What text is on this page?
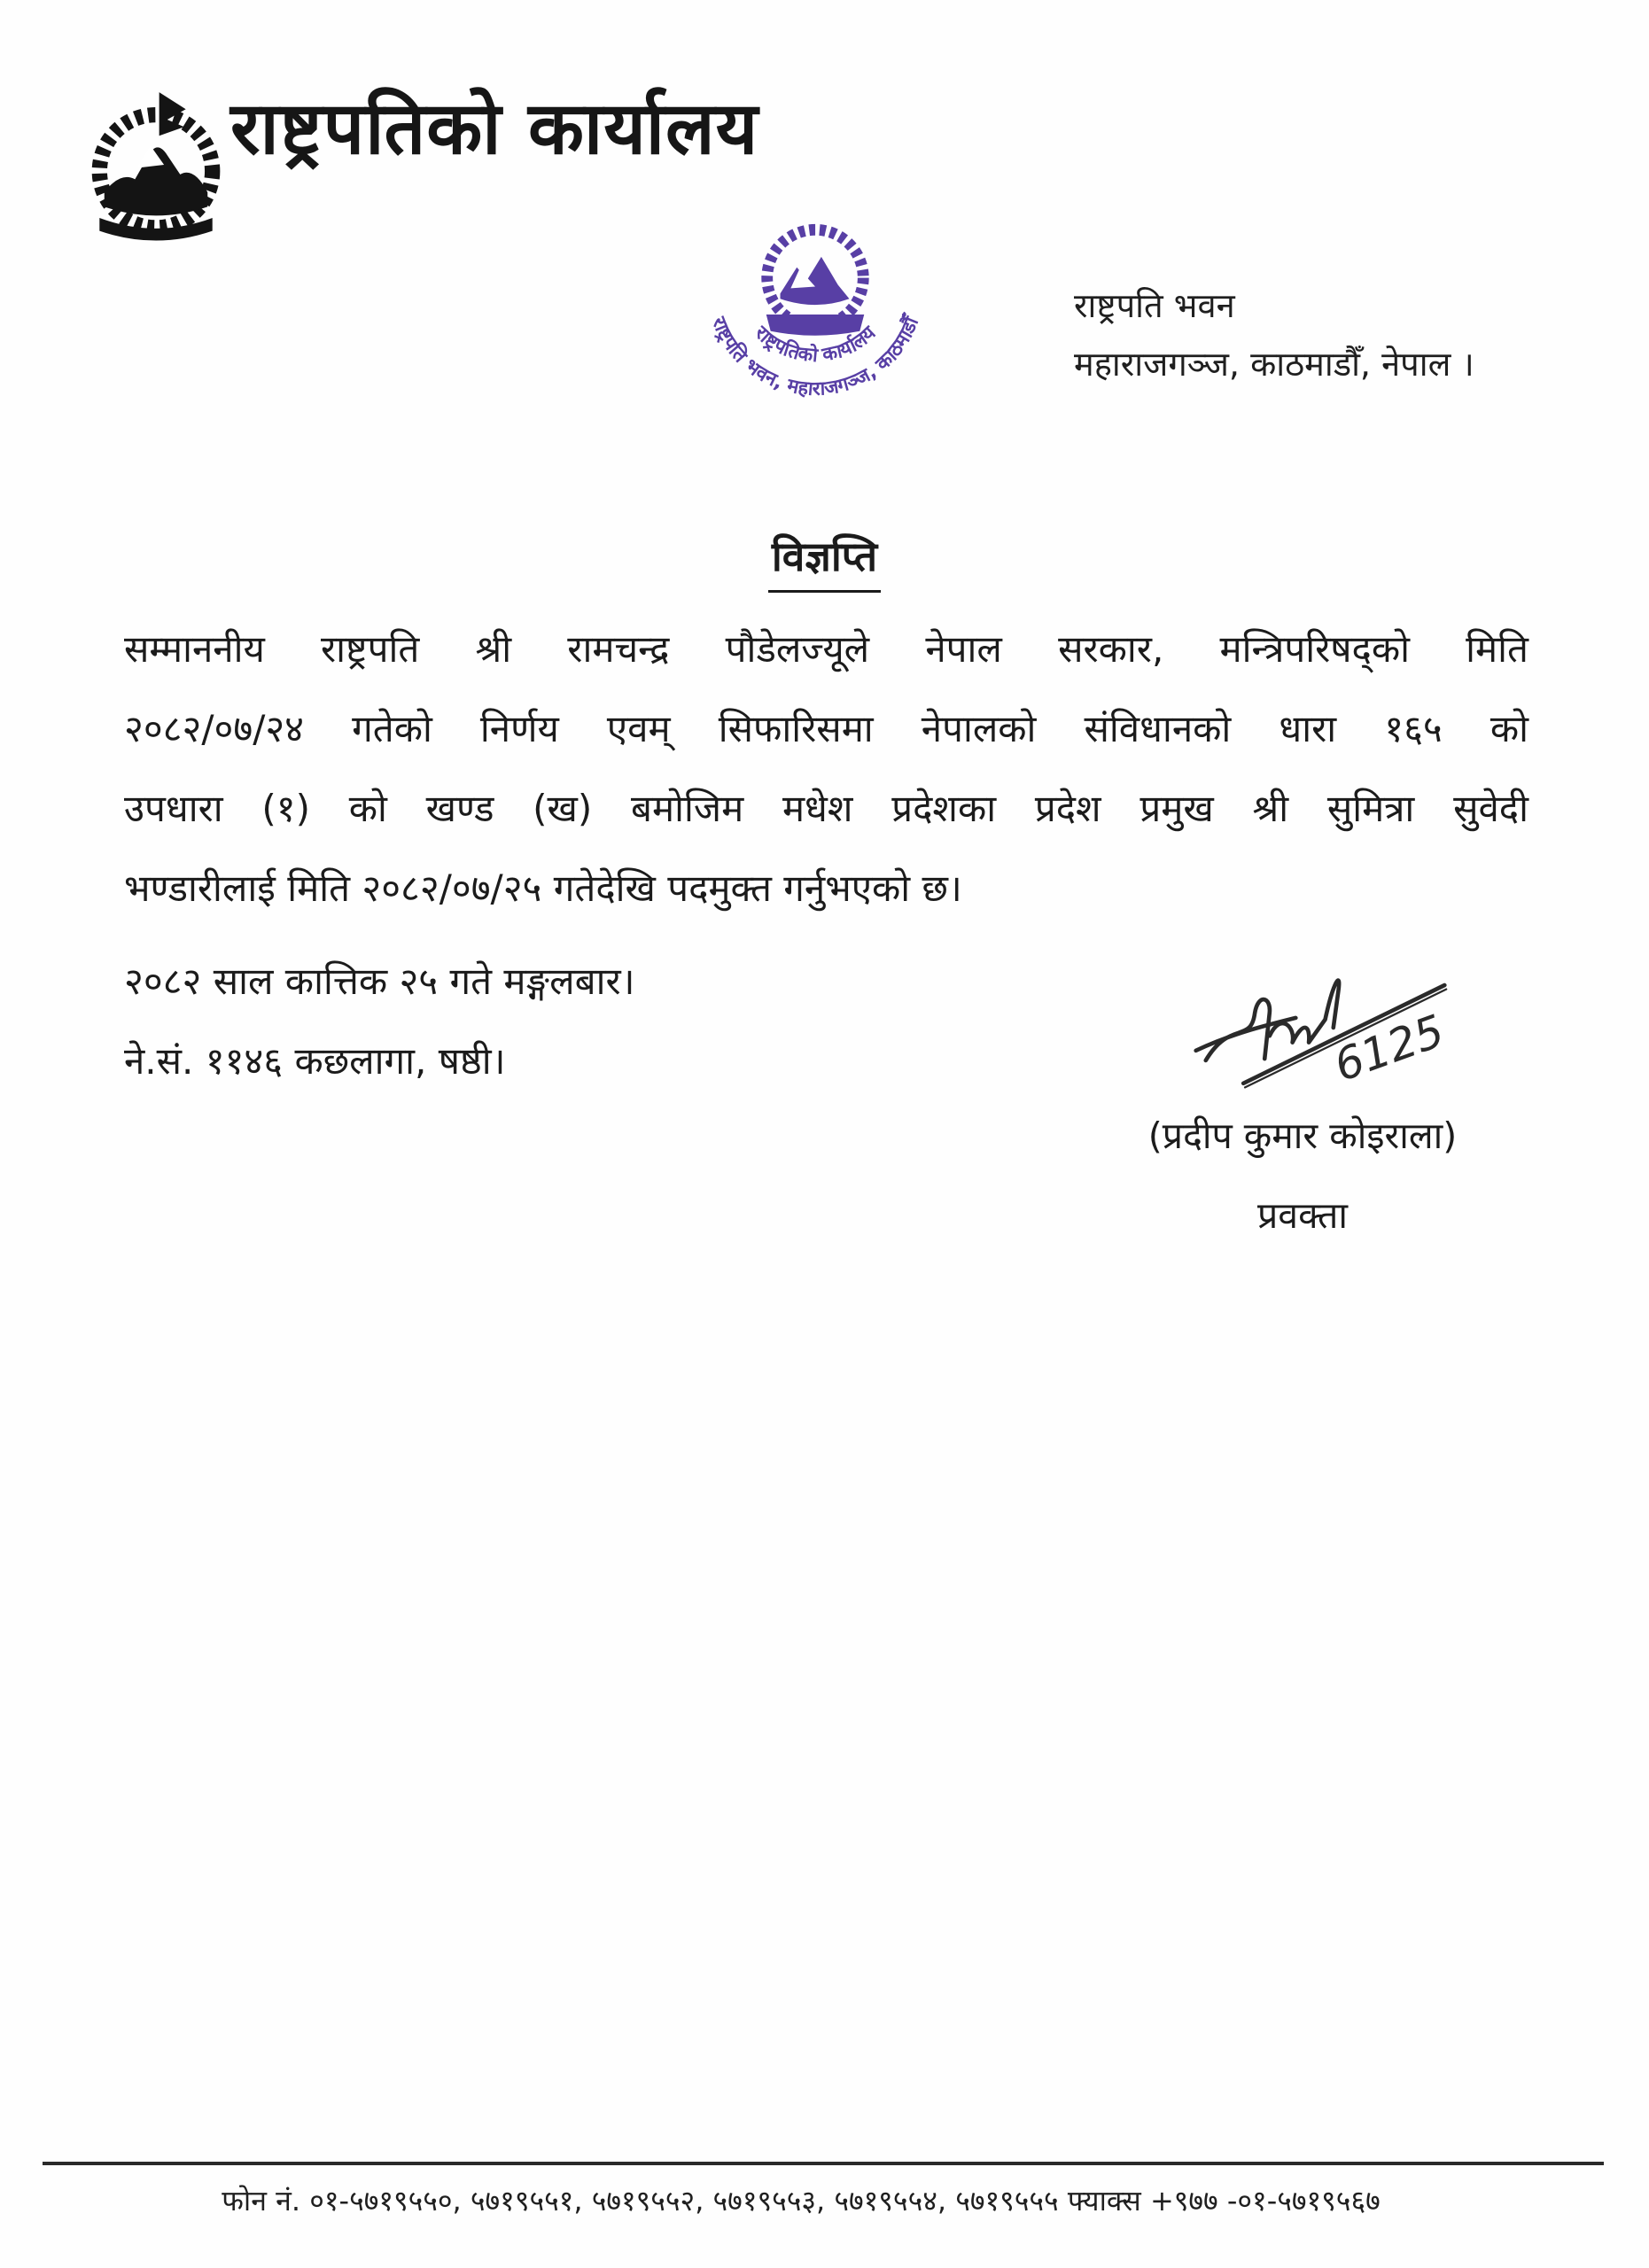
राष्ट्रपतिको कार्यालय
राष्ट्रपतिको कार्यालय
राष्ट्रपति भवन, महाराजगञ्ज, काठमाडौँ
राष्ट्रपति भवन
महाराजगञ्ज, काठमाडौँ, नेपाल ।
विज्ञप्ति
सम्माननीय राष्ट्रपति श्री रामचन्द्र पौडेलज्यूले नेपाल सरकार, मन्त्रिपरिषद्को मिति
२०८२/०७/२४ गतेको निर्णय एवम् सिफारिसमा नेपालको संविधानको धारा १६५ को
उपधारा (१) को खण्ड (ख) बमोजिम मधेश प्रदेशका प्रदेश प्रमुख श्री सुमित्रा सुवेदी
भण्डारीलाई मिति २०८२/०७/२५ गतेदेखि पदमुक्त गर्नुभएको छ।
२०८२ साल कात्तिक २५ गते मङ्गलबार।
ने.सं. ११४६ कछलागा, षष्ठी।	6125
(प्रदीप कुमार कोइराला)
प्रवक्ता
फोन नं. ०१-५७१९५५०, ५७१९५५१, ५७१९५५२, ५७१९५५३, ५७१९५५४, ५७१९५५५ फ्याक्स +९७७ -०१-५७१९५६७
